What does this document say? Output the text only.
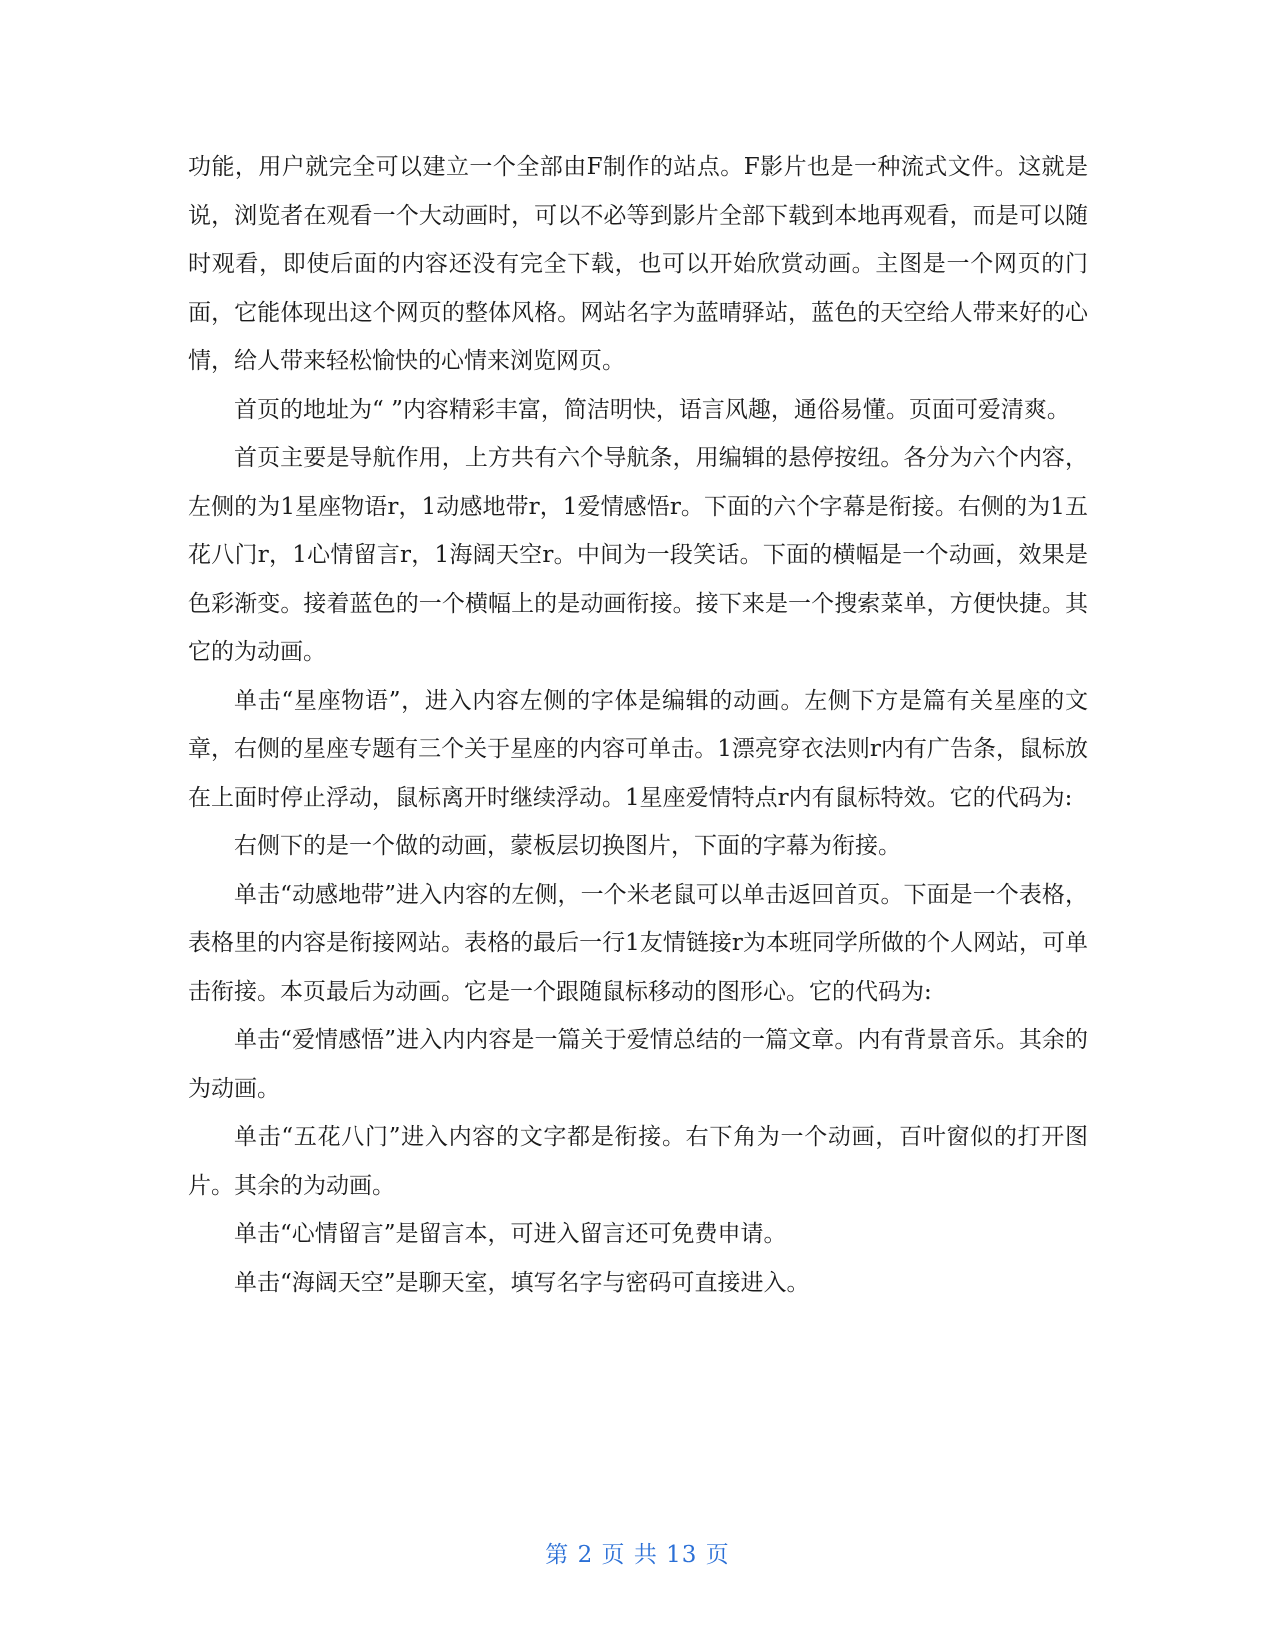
功能，用户就完全可以建立一个全部由F制作的站点。F影片也是一种流式文件。这就是说，浏览者在观看一个大动画时，可以不必等到影片全部下载到本地再观看，而是可以随时观看，即使后面的内容还没有完全下载，也可以开始欣赏动画。主图是一个网页的门面，它能体现出这个网页的整体风格。网站名字为蓝晴驿站，蓝色的天空给人带来好的心情，给人带来轻松愉快的心情来浏览网页。

首页的地址为“ ”内容精彩丰富，简洁明快，语言风趣，通俗易懂。页面可爱清爽。

首页主要是导航作用，上方共有六个导航条，用编辑的悬停按纽。各分为六个内容，左侧的为1星座物语r，1动感地带r，1爱情感悟r。下面的六个字幕是衔接。右侧的为1五花八门r，1心情留言r，1海阔天空r。中间为一段笑话。下面的横幅是一个动画，效果是色彩渐变。接着蓝色的一个横幅上的是动画衔接。接下来是一个搜索菜单，方便快捷。其它的为动画。

单击“星座物语”，进入内容左侧的字体是编辑的动画。左侧下方是篇有关星座的文章，右侧的星座专题有三个关于星座的内容可单击。1漂亮穿衣法则r内有广告条，鼠标放在上面时停止浮动，鼠标离开时继续浮动。1星座爱情特点r内有鼠标特效。它的代码为:

右侧下的是一个做的动画，蒙板层切换图片，下面的字幕为衔接。

单击“动感地带”进入内容的左侧，一个米老鼠可以单击返回首页。下面是一个表格，表格里的内容是衔接网站。表格的最后一行1友情链接r为本班同学所做的个人网站，可单击衔接。本页最后为动画。它是一个跟随鼠标移动的图形心。它的代码为:

单击“爱情感悟”进入内内容是一篇关于爱情总结的一篇文章。内有背景音乐。其余的为动画。

单击“五花八门”进入内容的文字都是衔接。右下角为一个动画，百叶窗似的打开图片。其余的为动画。

单击“心情留言”是留言本，可进入留言还可免费申请。

单击“海阔天空”是聊天室，填写名字与密码可直接进入。

第 2 页 共 13 页
